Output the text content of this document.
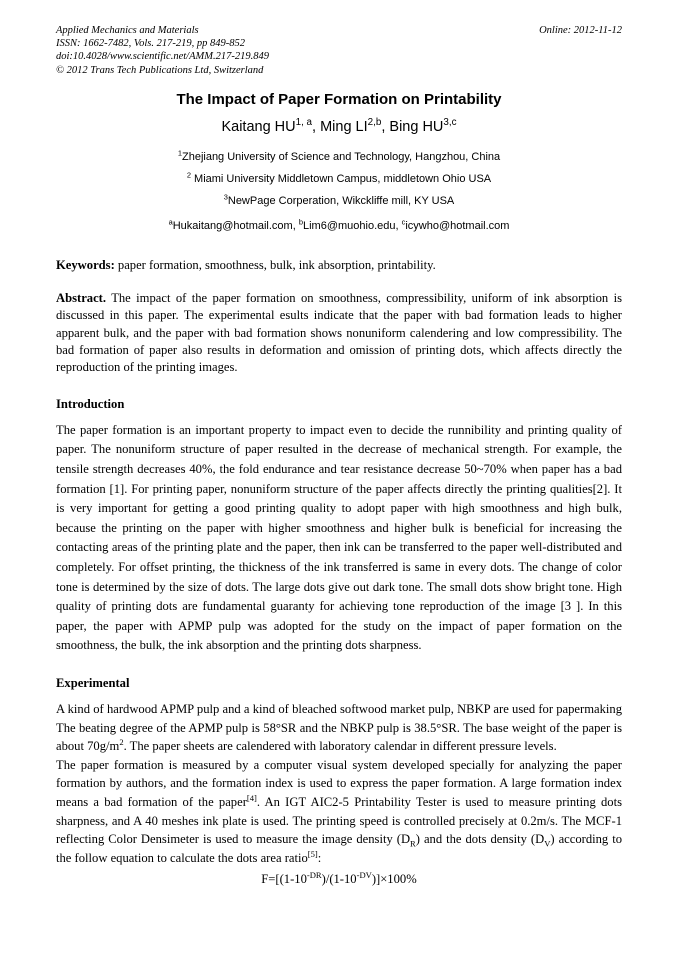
Applied Mechanics and Materials
ISSN: 1662-7482, Vols. 217-219, pp 849-852
doi:10.4028/www.scientific.net/AMM.217-219.849
© 2012 Trans Tech Publications Ltd, Switzerland
Online: 2012-11-12
The Impact of Paper Formation on Printability
Kaitang HU$^{1, a}$, Ming LI$^{2,b}$, Bing HU$^{3,c}$
$^1$Zhejiang University of Science and Technology, Hangzhou, China
$^2$ Miami University Middletown Campus, middletown Ohio USA
$^3$NewPage Corperation, Wikckliffe mill, KY USA
$^a$Hukaitang@hotmail.com, $^b$Lim6@muohio.edu, $^c$icywho@hotmail.com
Keywords: paper formation, smoothness, bulk, ink absorption, printability.
Abstract. The impact of the paper formation on smoothness, compressibility, uniform of ink absorption is discussed in this paper. The experimental esults indicate that the paper with bad formation leads to higher apparent bulk, and the paper with bad formation shows nonuniform calendering and low compressibility. The bad formation of paper also results in deformation and omission of printing dots, which affects directly the reproduction of the printing images.
Introduction

The paper formation is an important property to impact even to decide the runnibility and printing quality of paper. The nonuniform structure of paper resulted in the decrease of mechanical strength. For example, the tensile strength decreases 40%, the fold endurance and tear resistance decrease 50~70% when paper has a bad formation [1]. For printing paper, nonuniform structure of the paper affects directly the printing qualities[2]. It is very important for getting a good printing quality to adopt paper with high smoothness and high bulk, because the printing on the paper with higher smoothness and higher bulk is beneficial for increasing the contacting areas of the printing plate and the paper, then ink can be transferred to the paper well-distributed and completely. For offset printing, the thickness of the ink transferred is same in every dots. The change of color tone is determined by the size of dots. The large dots give out dark tone. The small dots show bright tone. High quality of printing dots are fundamental guaranty for achieving tone reproduction of the image [3 ]. In this paper, the paper with APMP pulp was adopted for the study on the impact of paper formation on the smoothness, the bulk, the ink absorption and the printing dots sharpness.

Experimental

A kind of hardwood APMP pulp and a kind of bleached softwood market pulp, NBKP are used for papermaking The beating degree of the APMP pulp is 58°SR and the NBKP pulp is 38.5°SR. The base weight of the paper is about $70g/m^2$. The paper sheets are calendered with laboratory calendar in different pressure levels.

The paper formation is measured by a computer visual system developed specially for analyzing the paper formation by authors, and the formation index is used to express the paper formation. A large formation index means a bad formation of the paper[4]. An IGT AIC2-5 Printability Tester is used to measure printing dots sharpness, and A 40 meshes ink plate is used. The printing speed is controlled precisely at 0.2m/s. The MCF-1 reflecting Color Densimeter is used to measure the image density $(D_R)$ and the dots density $(D_V)$ according to the follow equation to calculate the dots area ratio[5]:

$F=[(1-10^{-DR})/(1-10^{-DV})]\times 100\%$
